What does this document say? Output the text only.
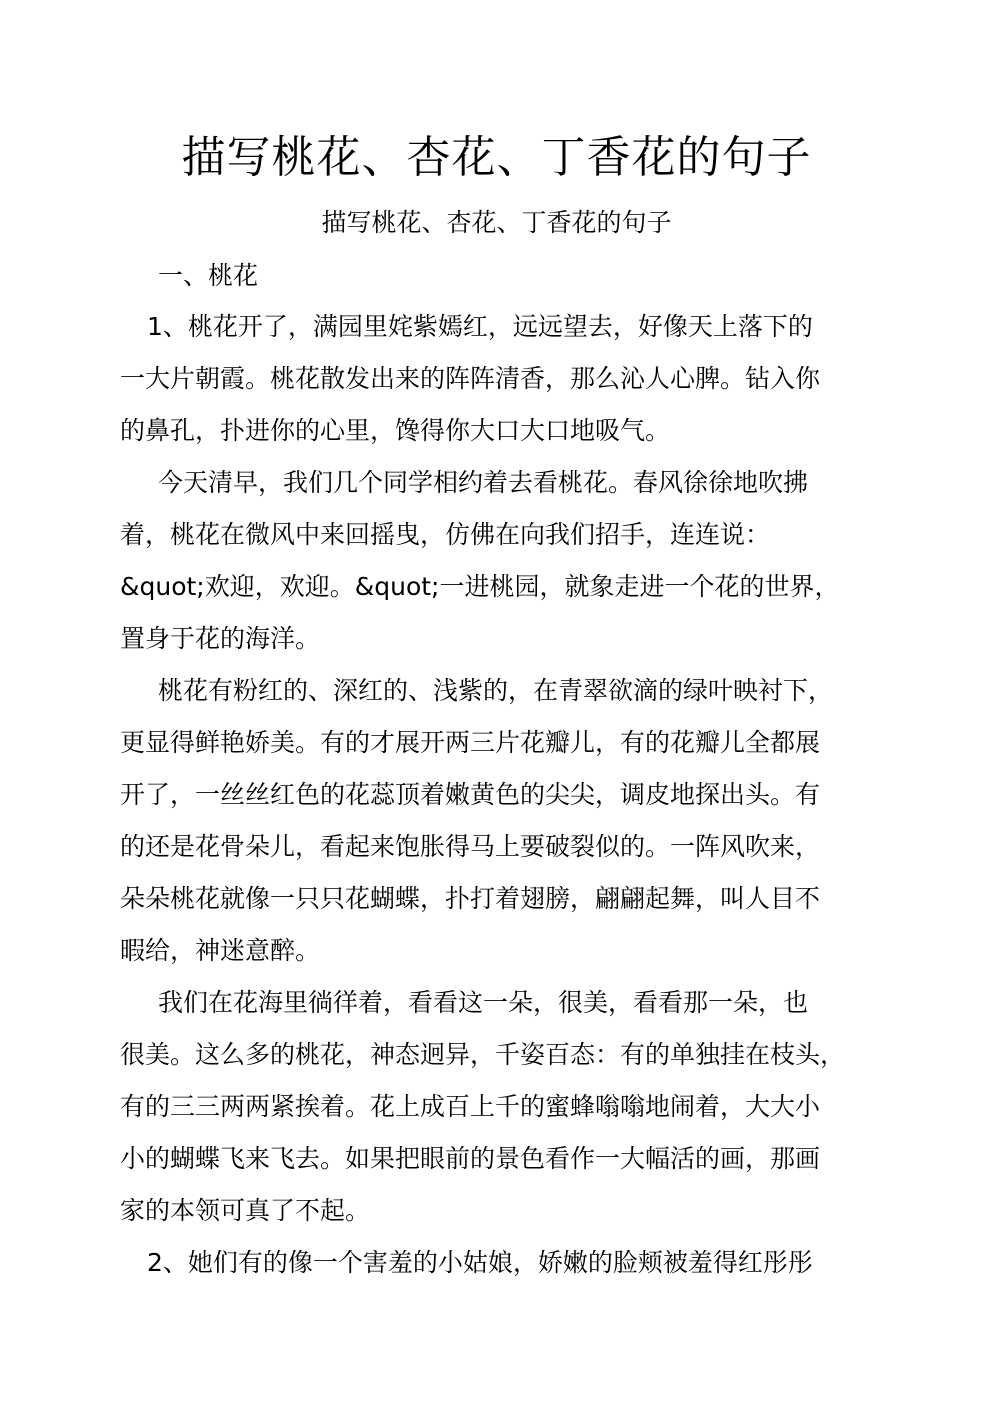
描写桃花、杏花、丁香花的句子
描写桃花、杏花、丁香花的句子
一、桃花
1、桃花开了，满园里姹紫嫣红，远远望去，好像天上落下的
一大片朝霞。桃花散发出来的阵阵清香，那么沁人心脾。钻入你
的鼻孔，扑进你的心里，馋得你大口大口地吸气。
今天清早，我们几个同学相约着去看桃花。春风徐徐地吹拂
着，桃花在微风中来回摇曳，仿佛在向我们招手，连连说：
&quot;欢迎，欢迎。&quot;一进桃园，就象走进一个花的世界，
置身于花的海洋。
桃花有粉红的、深红的、浅紫的，在青翠欲滴的绿叶映衬下，
更显得鲜艳娇美。有的才展开两三片花瓣儿，有的花瓣儿全都展
开了，一丝丝红色的花蕊顶着嫩黄色的尖尖，调皮地探出头。有
的还是花骨朵儿，看起来饱胀得马上要破裂似的。一阵风吹来，
朵朵桃花就像一只只花蝴蝶，扑打着翅膀，翩翩起舞，叫人目不
暇给，神迷意醉。
我们在花海里徜徉着，看看这一朵，很美，看看那一朵，也
很美。这么多的桃花，神态迥异，千姿百态：有的单独挂在枝头，
有的三三两两紧挨着。花上成百上千的蜜蜂嗡嗡地闹着，大大小
小的蝴蝶飞来飞去。如果把眼前的景色看作一大幅活的画，那画
家的本领可真了不起。
2、她们有的像一个害羞的小姑娘，娇嫩的脸颊被羞得红彤彤
